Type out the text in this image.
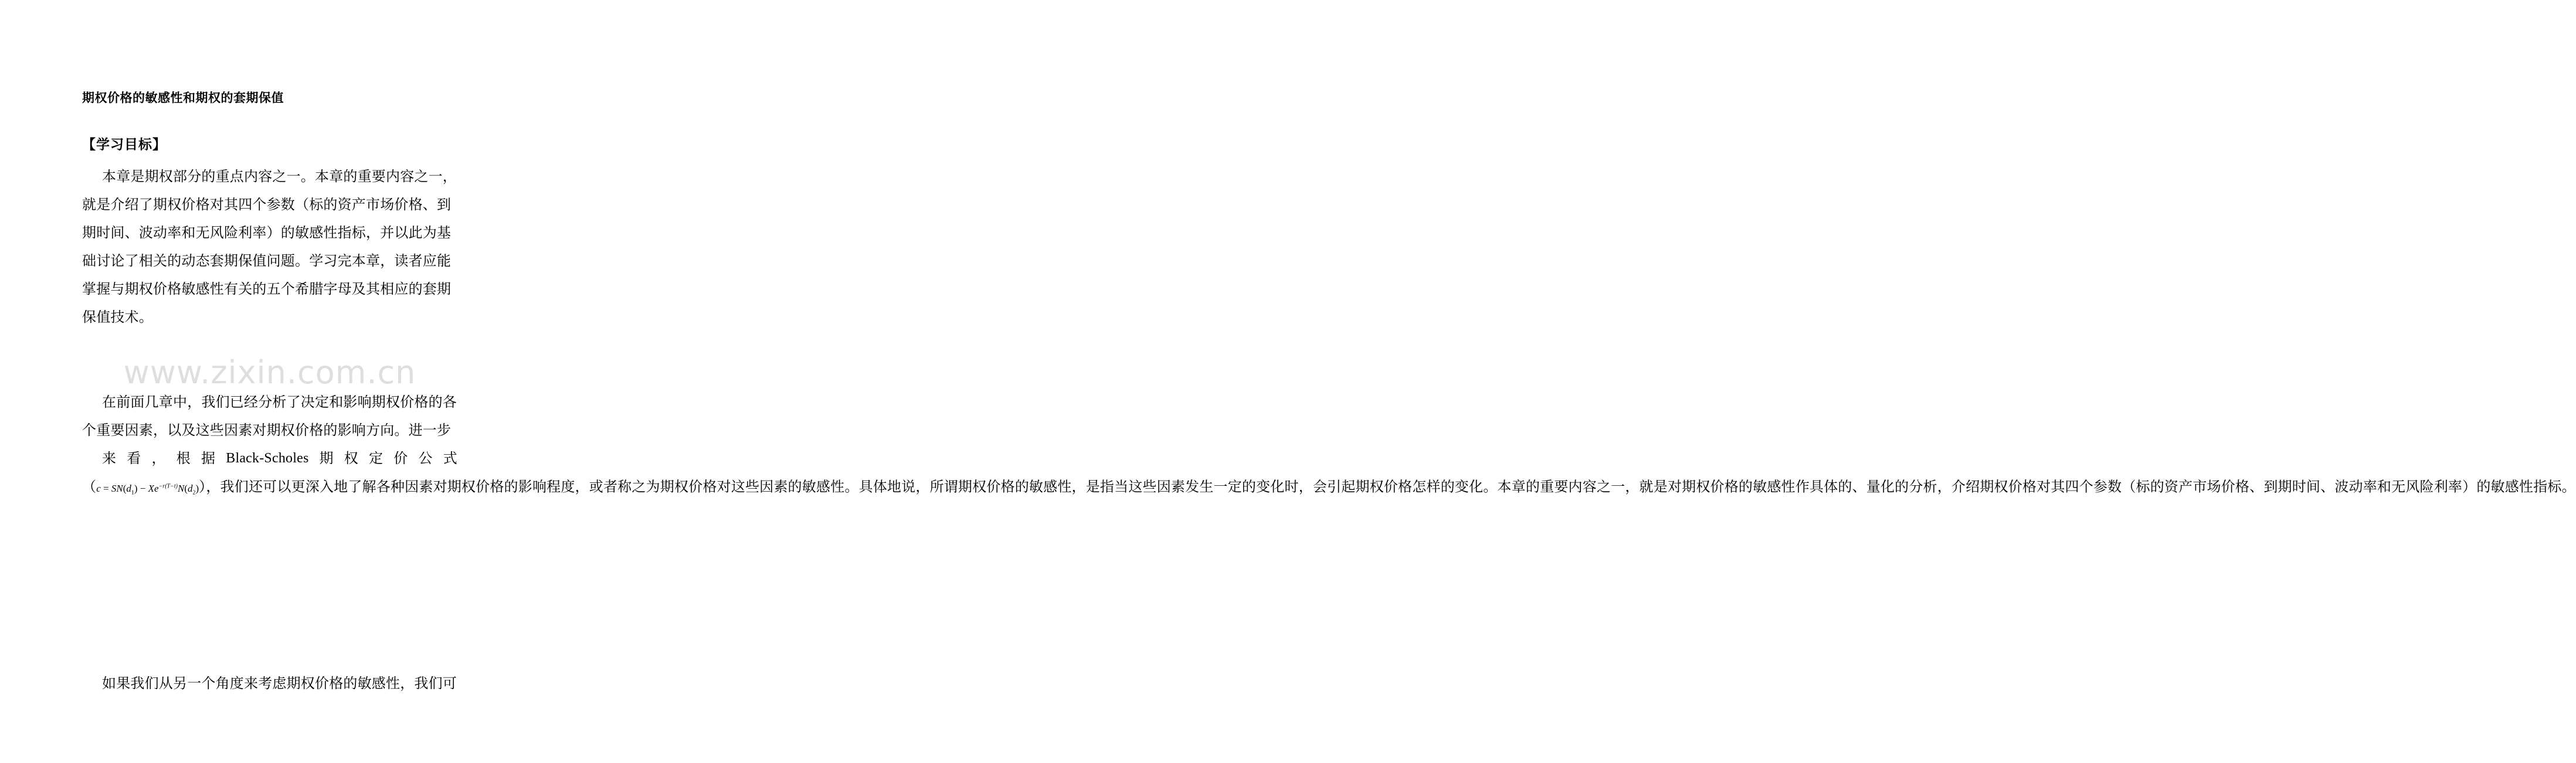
期权价格的敏感性和期权的套期保值
【学习目标】

本章是期权部分的重点内容之一。本章的重要内容之一，就是介绍了期权价格对其四个参数（标的资产市场价格、到期时间、波动率和无风险利率）的敏感性指标，并以此为基础讨论了相关的动态套期保值问题。学习完本章，读者应能掌握与期权价格敏感性有关的五个希腊字母及其相应的套期保值技术。

www.zixin.com.cn
在前面几章中，我们已经分析了决定和影响期权价格的各个重要因素，以及这些因素对期权价格的影响方向。进一步
来 看 ， 根 据 Black-Scholes 期 权 定 价 公 式
$(c = SN(d_1) - Xe^{-r(T-t)}N(d_2))$，我们还可以更深入地了解各种因素对期权价格的影响程度，或者称之为期权价格对这些因素的敏感性。具体地说，所谓期权价格的敏感性，是指当这些因素发生一定的变化时，会引起期权价格怎样的变化。本章的重要内容之一，就是对期权价格的敏感性作具体的、量化的分析，介绍期权价格对其四个参数（标的资产市场价格、到期时间、波动率和无风险利率）的敏感性指标。

如果我们从另一个角度来考虑期权价格的敏感性，我们可
